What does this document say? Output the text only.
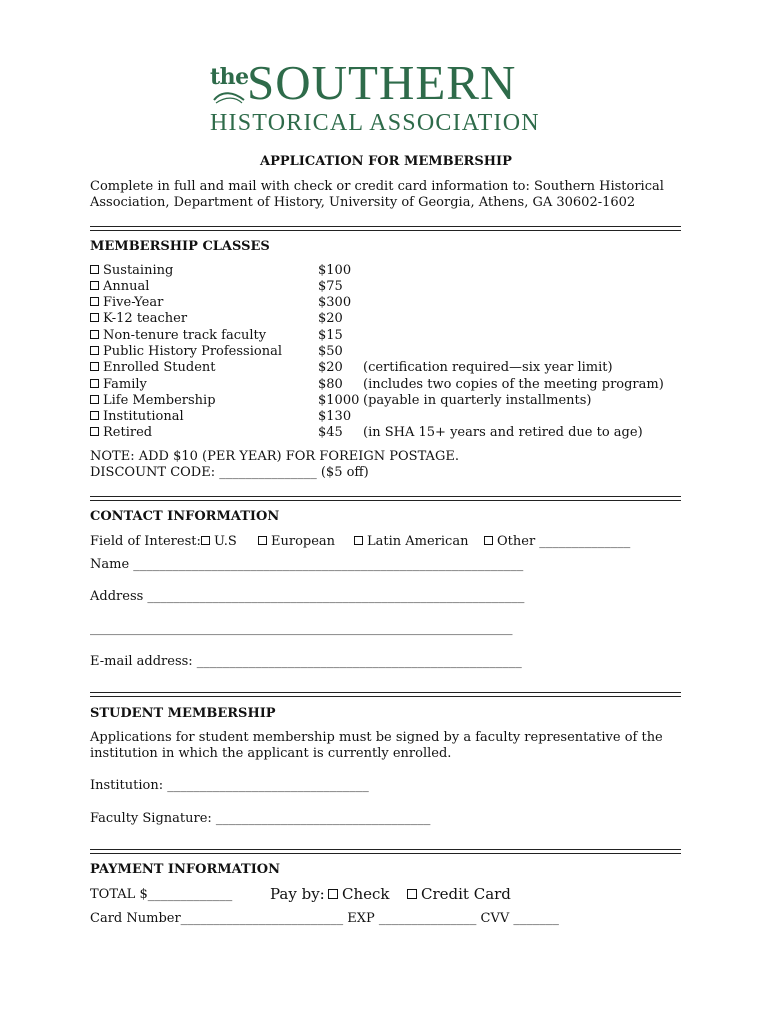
the
SOUTHERN
HISTORICAL ASSOCIATION
APPLICATION FOR MEMBERSHIP
Complete in full and mail with check or credit card information to: Southern Historical
Association, Department of History, University of Georgia, Athens, GA 30602-1602
MEMBERSHIP CLASSES
Sustaining	$100
Annual	$75
Five-Year	$300
K-12 teacher	$20
Non-tenure track faculty	$15
Public History Professional	$50
Enrolled Student	$20 (certification required—six year limit)
Family	$80 (includes two copies of the meeting program)
Life Membership	$1000 (payable in quarterly installments)
Institutional	$130
Retired	$45 (in SHA 15+ years and retired due to age)
NOTE: ADD $10 (PER YEAR) FOR FOREIGN POSTAGE.
DISCOUNT CODE: _______________ ($5 off)
CONTACT INFORMATION
Field of Interest:	U.S	European	Latin American	Other ______________
Name ____________________________________________________________
Address __________________________________________________________
_________________________________________________________________
E-mail address: __________________________________________________
STUDENT MEMBERSHIP
Applications for student membership must be signed by a faculty representative of the
institution in which the applicant is currently enrolled.
Institution: _______________________________
Faculty Signature: _________________________________
PAYMENT INFORMATION
TOTAL $_____________	Pay by:	Check	Credit Card
Card Number_________________________ EXP _______________ CVV _______
